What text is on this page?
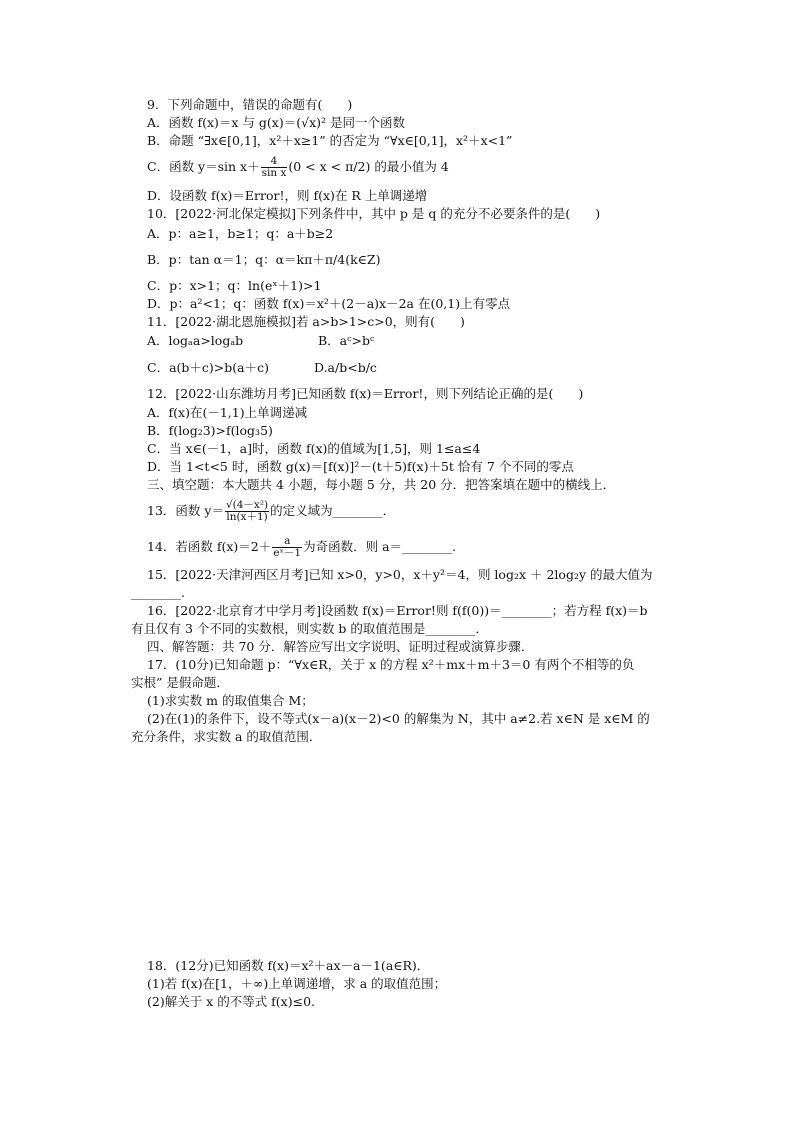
9．下列命题中，错误的命题有(　　)
A．函数 f(x)＝x 与 g(x)＝(√x)² 是同一个函数
B．命题 “∃x∈[0,1]，x²＋x≥1” 的否定为 “∀x∈[0,1]，x²＋x<1”
C．函数 y＝sin $x+ \frac{4}{\text{sin x}} (0 < x < \pi/2)$ 的最小值为 4
D．设函数 f(x)＝Error!，则 f(x)在 R 上单调递增
10．[2022·河北保定模拟]下列条件中，其中 p 是 q 的充分不必要条件的是(　　)
A．p：a≥1，b≥1；q：a＋b≥2
B．p：tan α＝1；q：α＝kπ＋π/4(k∈Z)
C．p：x>1；q：ln(eˣ＋1)>1
D．p：a²<1；q：函数 f(x)＝x²＋(2－a)x－2a 在(0,1)上有零点
11．[2022·湖北恩施模拟]若 a>b>1>c>0，则有(　　)
A．logₐa>logₐb	B．aᶜ>bᶜ
C．a(b＋c)>b(a＋c)	D.a/b<b/c
12．[2022·山东潍坊月考]已知函数 f(x)＝Error!，则下列结论正确的是(　　)
A．f(x)在(－1,1)上单调递减
B．f(log₂3)>f(log₃5)
C．当 x∈(－1，a]时，函数 f(x)的值域为[1,5]，则 1≤a≤4
D．当 1<t<5 时，函数 g(x)＝[f(x)]²－(t＋5)f(x)＋5t 恰有 7 个不同的零点
三、填空题：本大题共 4 小题，每小题 5 分，共 20 分．把答案填在题中的横线上．
13．函数 $y= \frac{\text{√(4－x²)}}{\ln(x+1)}$ 的定义域为________．
14．若函数 $f(x)=2+ \frac{a}{\text{eˣ－1}}$ 为奇函数．则 a＝________.
15．[2022·天津河西区月考]已知 x>0，y>0，x＋y²＝4，则 log₂x ＋ 2log₂y 的最大值为
________.
16．[2022·北京育才中学月考]设函数 f(x)＝Error!则 f(f(0))＝________；若方程 f(x)＝b
有且仅有 3 个不同的实数根，则实数 b 的取值范围是________．
四、解答题：共 70 分．解答应写出文字说明、证明过程或演算步骤．
17．(10分)已知命题 p：“∀x∈R，关于 x 的方程 x²＋mx＋m＋3＝0 有两个不相等的负
实根” 是假命题．
(1)求实数 m 的取值集合 M；
(2)在(1)的条件下，设不等式(x－a)(x－2)<0 的解集为 N，其中 a≠2.若 x∈N 是 x∈M 的
充分条件，求实数 a 的取值范围．
18．(12分)已知函数 f(x)＝x²＋ax－a－1(a∈R)．
(1)若 f(x)在[1，＋∞)上单调递增，求 a 的取值范围；
(2)解关于 x 的不等式 f(x)≤0.
